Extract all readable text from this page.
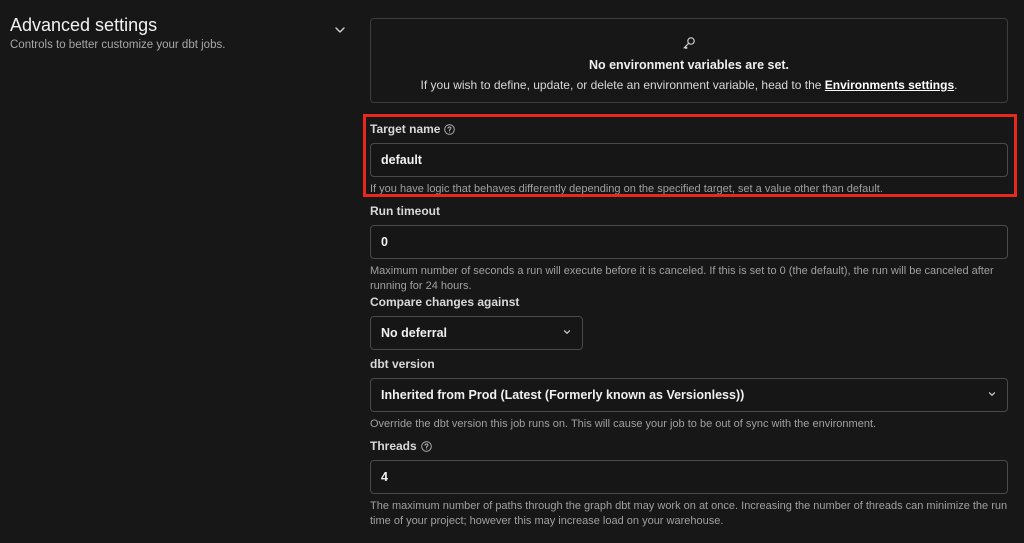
Advanced settings
Controls to better customize your dbt jobs.
No environment variables are set.
If you wish to define, update, or delete an environment variable, head to the Environments settings.
Target name
default
If you have logic that behaves differently depending on the specified target, set a value other than default.
Run timeout
0
Maximum number of seconds a run will execute before it is canceled. If this is set to 0 (the default), the run will be canceled after running for 24 hours.
Compare changes against
No deferral
dbt version
Inherited from Prod (Latest (Formerly known as Versionless))
Override the dbt version this job runs on. This will cause your job to be out of sync with the environment.
Threads
4
The maximum number of paths through the graph dbt may work on at once. Increasing the number of threads can minimize the run time of your project; however this may increase load on your warehouse.
